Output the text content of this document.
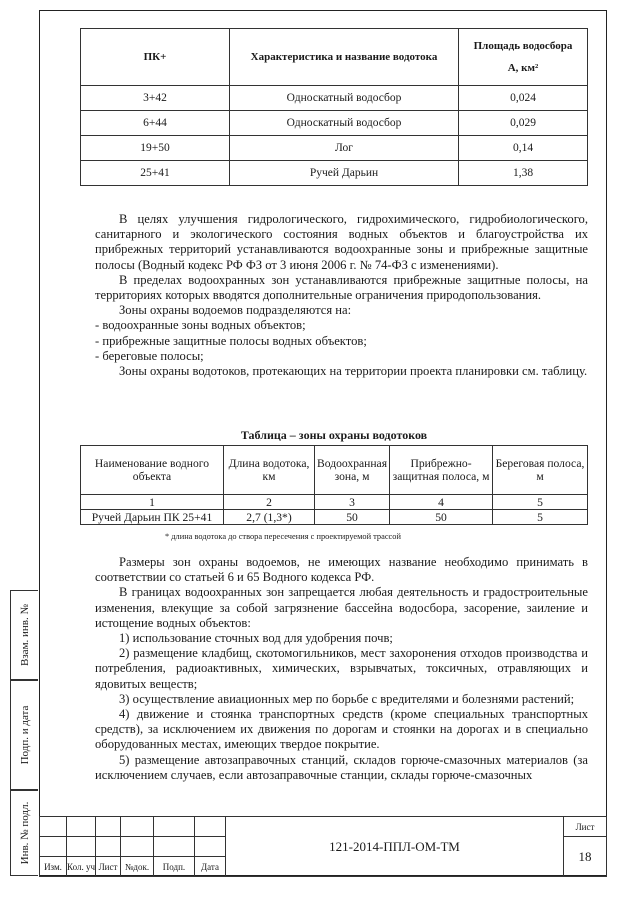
ПК+	Характеристика и название водотока	Площадь водосбора
А, км²

3+42	Односкатный водосбор	0,024
6+44	Односкатный водосбор	0,029
19+50	Лог	0,14
25+41	Ручей Дарьин	1,38

В целях улучшения гидрологического, гидрохимического, гидробиологического, санитарного и экологического состояния водных объектов и благоустройства их прибрежных территорий устанавливаются водоохранные зоны и прибрежные защитные полосы (Водный кодекс РФ ФЗ от 3 июня 2006 г. № 74-ФЗ с изменениями).

В пределах водоохранных зон устанавливаются прибрежные защитные полосы, на территориях которых вводятся дополнительные ограничения природопользования.

Зоны охраны водоемов подразделяются на:

- водоохранные зоны водных объектов;

- прибрежные защитные полосы водных объектов;

- береговые полосы;

Зоны охраны водотоков, протекающих на территории проекта планировки см. таблицу.

Таблица – зоны охраны водотоков
Наименование водного объекта	Длина водотока, км	Водоохранная зона, м	Прибрежно-защитная полоса, м	Береговая полоса, м
1	2	3	4	5
Ручей Дарьин ПК 25+41	2,7 (1,3*)	50	50	5
* длина водотока до створа пересечения с проектируемой трассой

Размеры зон охраны водоемов, не имеющих название необходимо принимать в соответствии со статьей 6 и 65 Водного кодекса РФ.

В границах водоохранных зон запрещается любая деятельность и градостроительные изменения, влекущие за собой загрязнение бассейна водосбора, засорение, заиление и истощение водных объектов:

1) использование сточных вод для удобрения почв;

2) размещение кладбищ, скотомогильников, мест захоронения отходов производства и потребления, радиоактивных, химических, взрывчатых, токсичных, отравляющих и ядовитых веществ;

3) осуществление авиационных мер по борьбе с вредителями и болезнями растений;

4) движение и стоянка транспортных средств (кроме специальных транспортных средств), за исключением их движения по дорогам и стоянки на дорогах и в специально оборудованных местах, имеющих твердое покрытие.

5) размещение автозаправочных станций, складов горюче-смазочных материалов (за исключением случаев, если автозаправочные станции, склады горюче-смазочных

Взам. инв. №
Подп. и дата
Инв. № подл.
							121-2014-ППЛ-ОМ-ТМ	Лист
							18
Изм.	Кол. уч	Лист	№док.	Подп.	Дата		
